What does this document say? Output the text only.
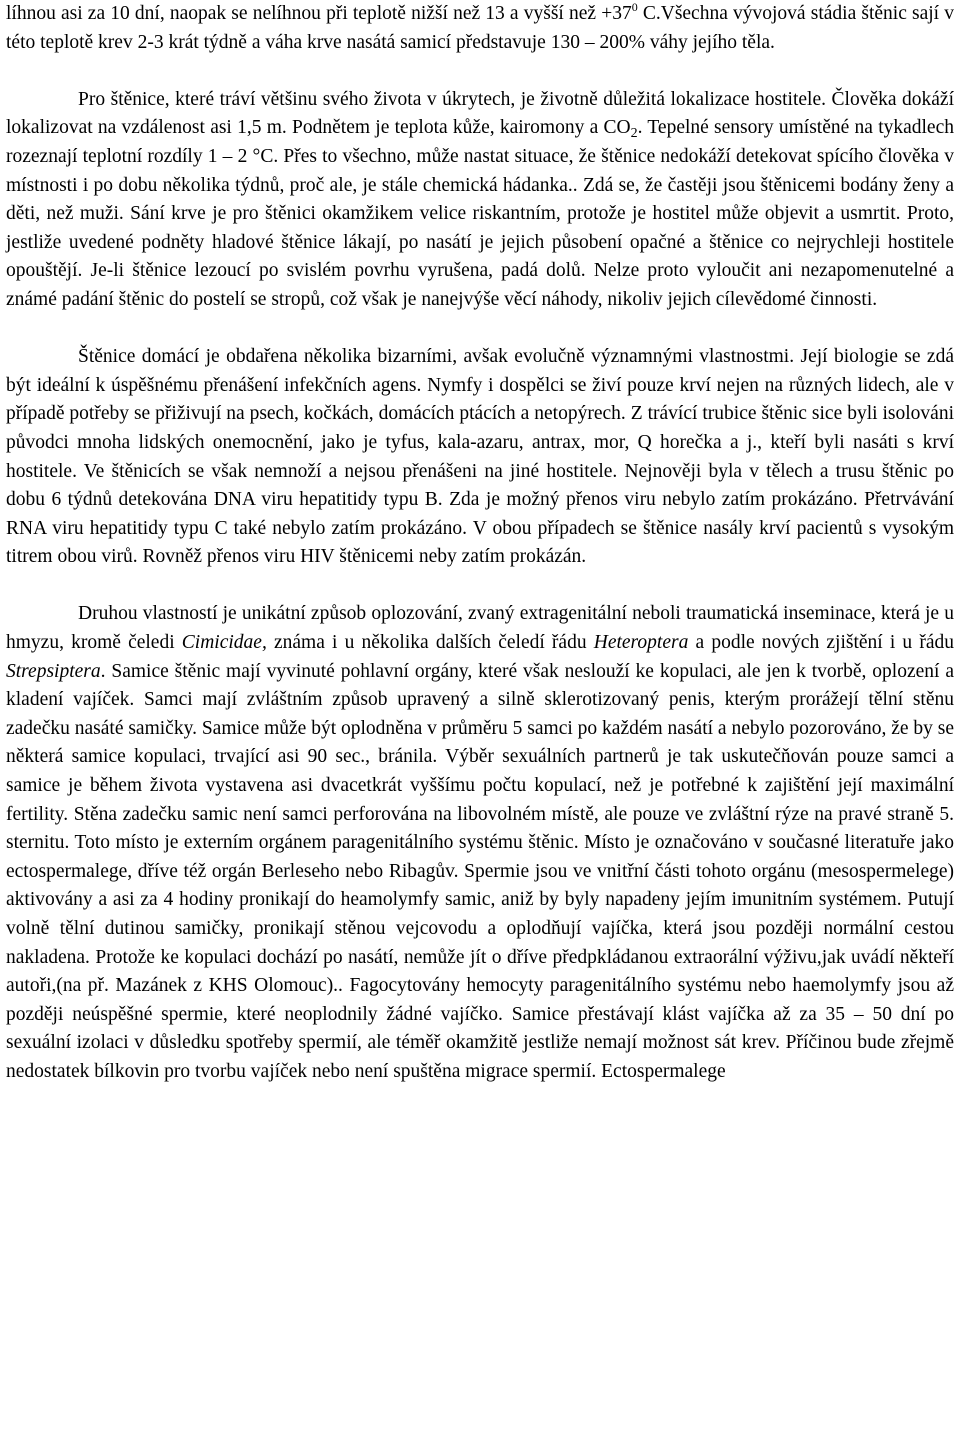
líhnou asi za 10 dní, naopak se nelíhnou při teplotě nižší než 13 a vyšší než $+37^0$ C.Všechna vývojová stádia štěnic sají v této teplotě krev 2-3 krát týdně a váha krve nasátá samicí představuje 130 – 200% váhy jejího těla.

Pro štěnice, které tráví většinu svého života v úkrytech, je životně důležitá lokalizace hostitele. Člověka dokáží lokalizovat na vzdálenost asi 1,5 m. Podnětem je teplota kůže, kairomony a $CO_2$. Tepelné sensory umístěné na tykadlech rozeznají teplotní rozdíly 1 – 2 °C. Přes to všechno, může nastat situace, že štěnice nedokáží detekovat spícího člověka v místnosti i po dobu několika týdnů, proč ale, je stále chemická hádanka.. Zdá se, že častěji jsou štěnicemi bodány ženy a děti, než muži. Sání krve je pro štěnici okamžikem velice riskantním, protože je hostitel může objevit a usmrtit. Proto, jestliže uvedené podněty hladové štěnice lákají, po nasátí je jejich působení opačné a štěnice co nejrychleji hostitele opouštějí. Je-li štěnice lezoucí po svislém povrhu vyrušena, padá dolů. Nelze proto vyloučit ani nezapomenutelné a známé padání štěnic do postelí se stropů, což však je nanejvýše věcí náhody, nikoliv jejich cílevědomé činnosti.

Štěnice domácí je obdařena několika bizarními, avšak evolučně významnými vlastnostmi. Její biologie se zdá být ideální k úspěšnému přenášení infekčních agens. Nymfy i dospělci se živí pouze krví nejen na různých lidech, ale v případě potřeby se přiživují na psech, kočkách, domácích ptácích a netopýrech. Z trávící trubice štěnic sice byli isolováni původci mnoha lidských onemocnění, jako je tyfus, kala-azaru, antrax, mor, Q horečka a j., kteří byli nasáti s krví hostitele. Ve štěnicích se však nemnoží a nejsou přenášeni na jiné hostitele. Nejnověji byla v tělech a trusu štěnic po dobu 6 týdnů detekována DNA viru hepatitidy typu B. Zda je možný přenos viru nebylo zatím prokázáno. Přetrvávání RNA viru hepatitidy typu C také nebylo zatím prokázáno. V obou případech se štěnice nasály krví pacientů s vysokým titrem obou virů. Rovněž přenos viru HIV štěnicemi neby zatím prokázán.

Druhou vlastností je unikátní způsob oplozování, zvaný extragenitální neboli traumatická inseminace, která je u hmyzu, kromě čeledi Cimicidae, známa i u několika dalších čeledí řádu Heteroptera a podle nových zjištění i u řádu Strepsiptera. Samice štěnic mají vyvinuté pohlavní orgány, které však neslouží ke kopulaci, ale jen k tvorbě, oplození a kladení vajíček. Samci mají zvláštním způsob upravený a silně sklerotizovaný penis, kterým prorážejí tělní stěnu zadečku nasáté samičky. Samice může být oplodněna v průměru 5 samci po každém nasátí a nebylo pozorováno, že by se některá samice kopulaci, trvající asi 90 sec., bránila. Výběr sexuálních partnerů je tak uskutečňován pouze samci a samice je během života vystavena asi dvacetkrát vyššímu počtu kopulací, než je potřebné k zajištění její maximální fertility. Stěna zadečku samic není samci perforována na libovolném místě, ale pouze ve zvláštní rýze na pravé straně 5. sternitu. Toto místo je externím orgánem paragenitálního systému štěnic. Místo je označováno v současné literatuře jako ectospermalege, dříve též orgán Berleseho nebo Ribagův. Spermie jsou ve vnitřní části tohoto orgánu (mesospermelege) aktivovány a asi za 4 hodiny pronikají do heamolymfy samic, aniž by byly napadeny jejím imunitním systémem. Putují volně tělní dutinou samičky, pronikají stěnou vejcovodu a oplodňují vajíčka, která jsou později normální cestou nakladena. Protože ke kopulaci dochází po nasátí, nemůže jít o dříve předpkládanou extraorální výživu,jak uvádí někteří autoři,(na př. Mazánek z KHS Olomouc).. Fagocytovány hemocyty paragenitálního systému nebo haemolymfy jsou až později neúspěšné spermie, které neoplodnily žádné vajíčko. Samice přestávají klást vajíčka až za 35 – 50 dní po sexuální izolaci v důsledku spotřeby spermií, ale téměř okamžitě jestliže nemají možnost sát krev. Příčinou bude zřejmě nedostatek bílkovin pro tvorbu vajíček nebo není spuštěna migrace spermií. Ectospermalege
